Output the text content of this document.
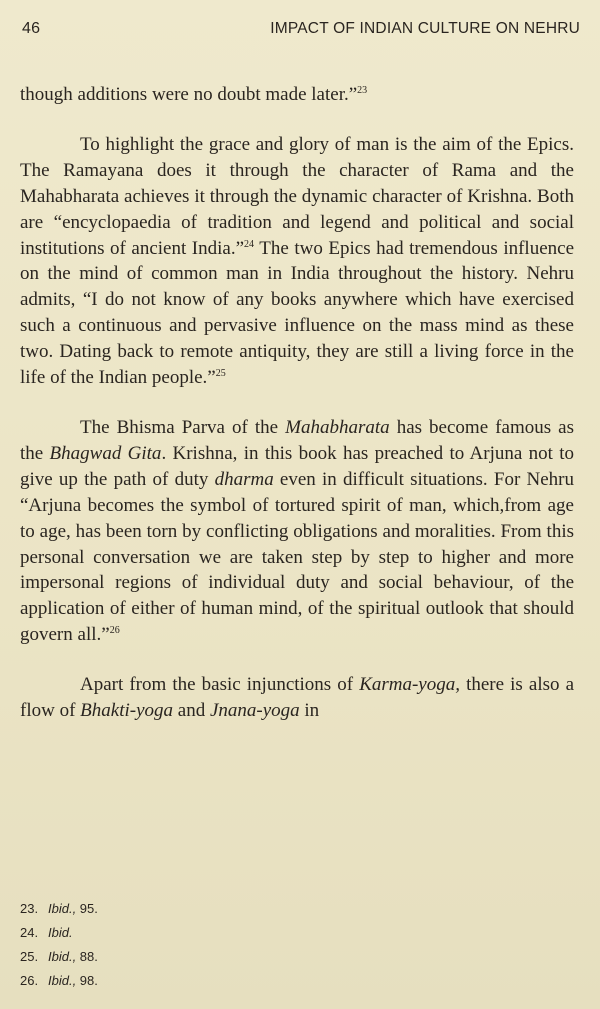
46	IMPACT OF INDIAN CULTURE ON NEHRU

though additions were no doubt made later.”$^{23}$

To highlight the grace and glory of man is the aim of the Epics. The Ramayana does it through the character of Rama and the Mahabharata achieves it through the dynamic character of Krishna. Both are “encyclopaedia of tradition and legend and political and social institutions of ancient India.”$^{24}$ The two Epics had tremendous influence on the mind of common man in India throughout the history. Nehru admits, “I do not know of any books anywhere which have exercised such a continuous and pervasive influence on the mass mind as these two. Dating back to remote antiquity, they are still a living force in the life of the Indian people.”$^{25}$

The Bhisma Parva of the Mahabharata has become famous as the Bhagwad Gita. Krishna, in this book has preached to Arjuna not to give up the path of duty dharma even in difficult situations. For Nehru “Arjuna becomes the symbol of tortured spirit of man, which,from age to age, has been torn by conflicting obligations and moralities. From this personal conversation we are taken step by step to higher and more impersonal regions of individual duty and social behaviour, of the application of either of human mind, of the spiritual outlook that should govern all.”$^{26}$

Apart from the basic injunctions of Karma-yoga, there is also a flow of Bhakti-yoga and Jnana-yoga in

23. Ibid., 95.
24. Ibid.
25. Ibid., 88.
26. Ibid., 98.
